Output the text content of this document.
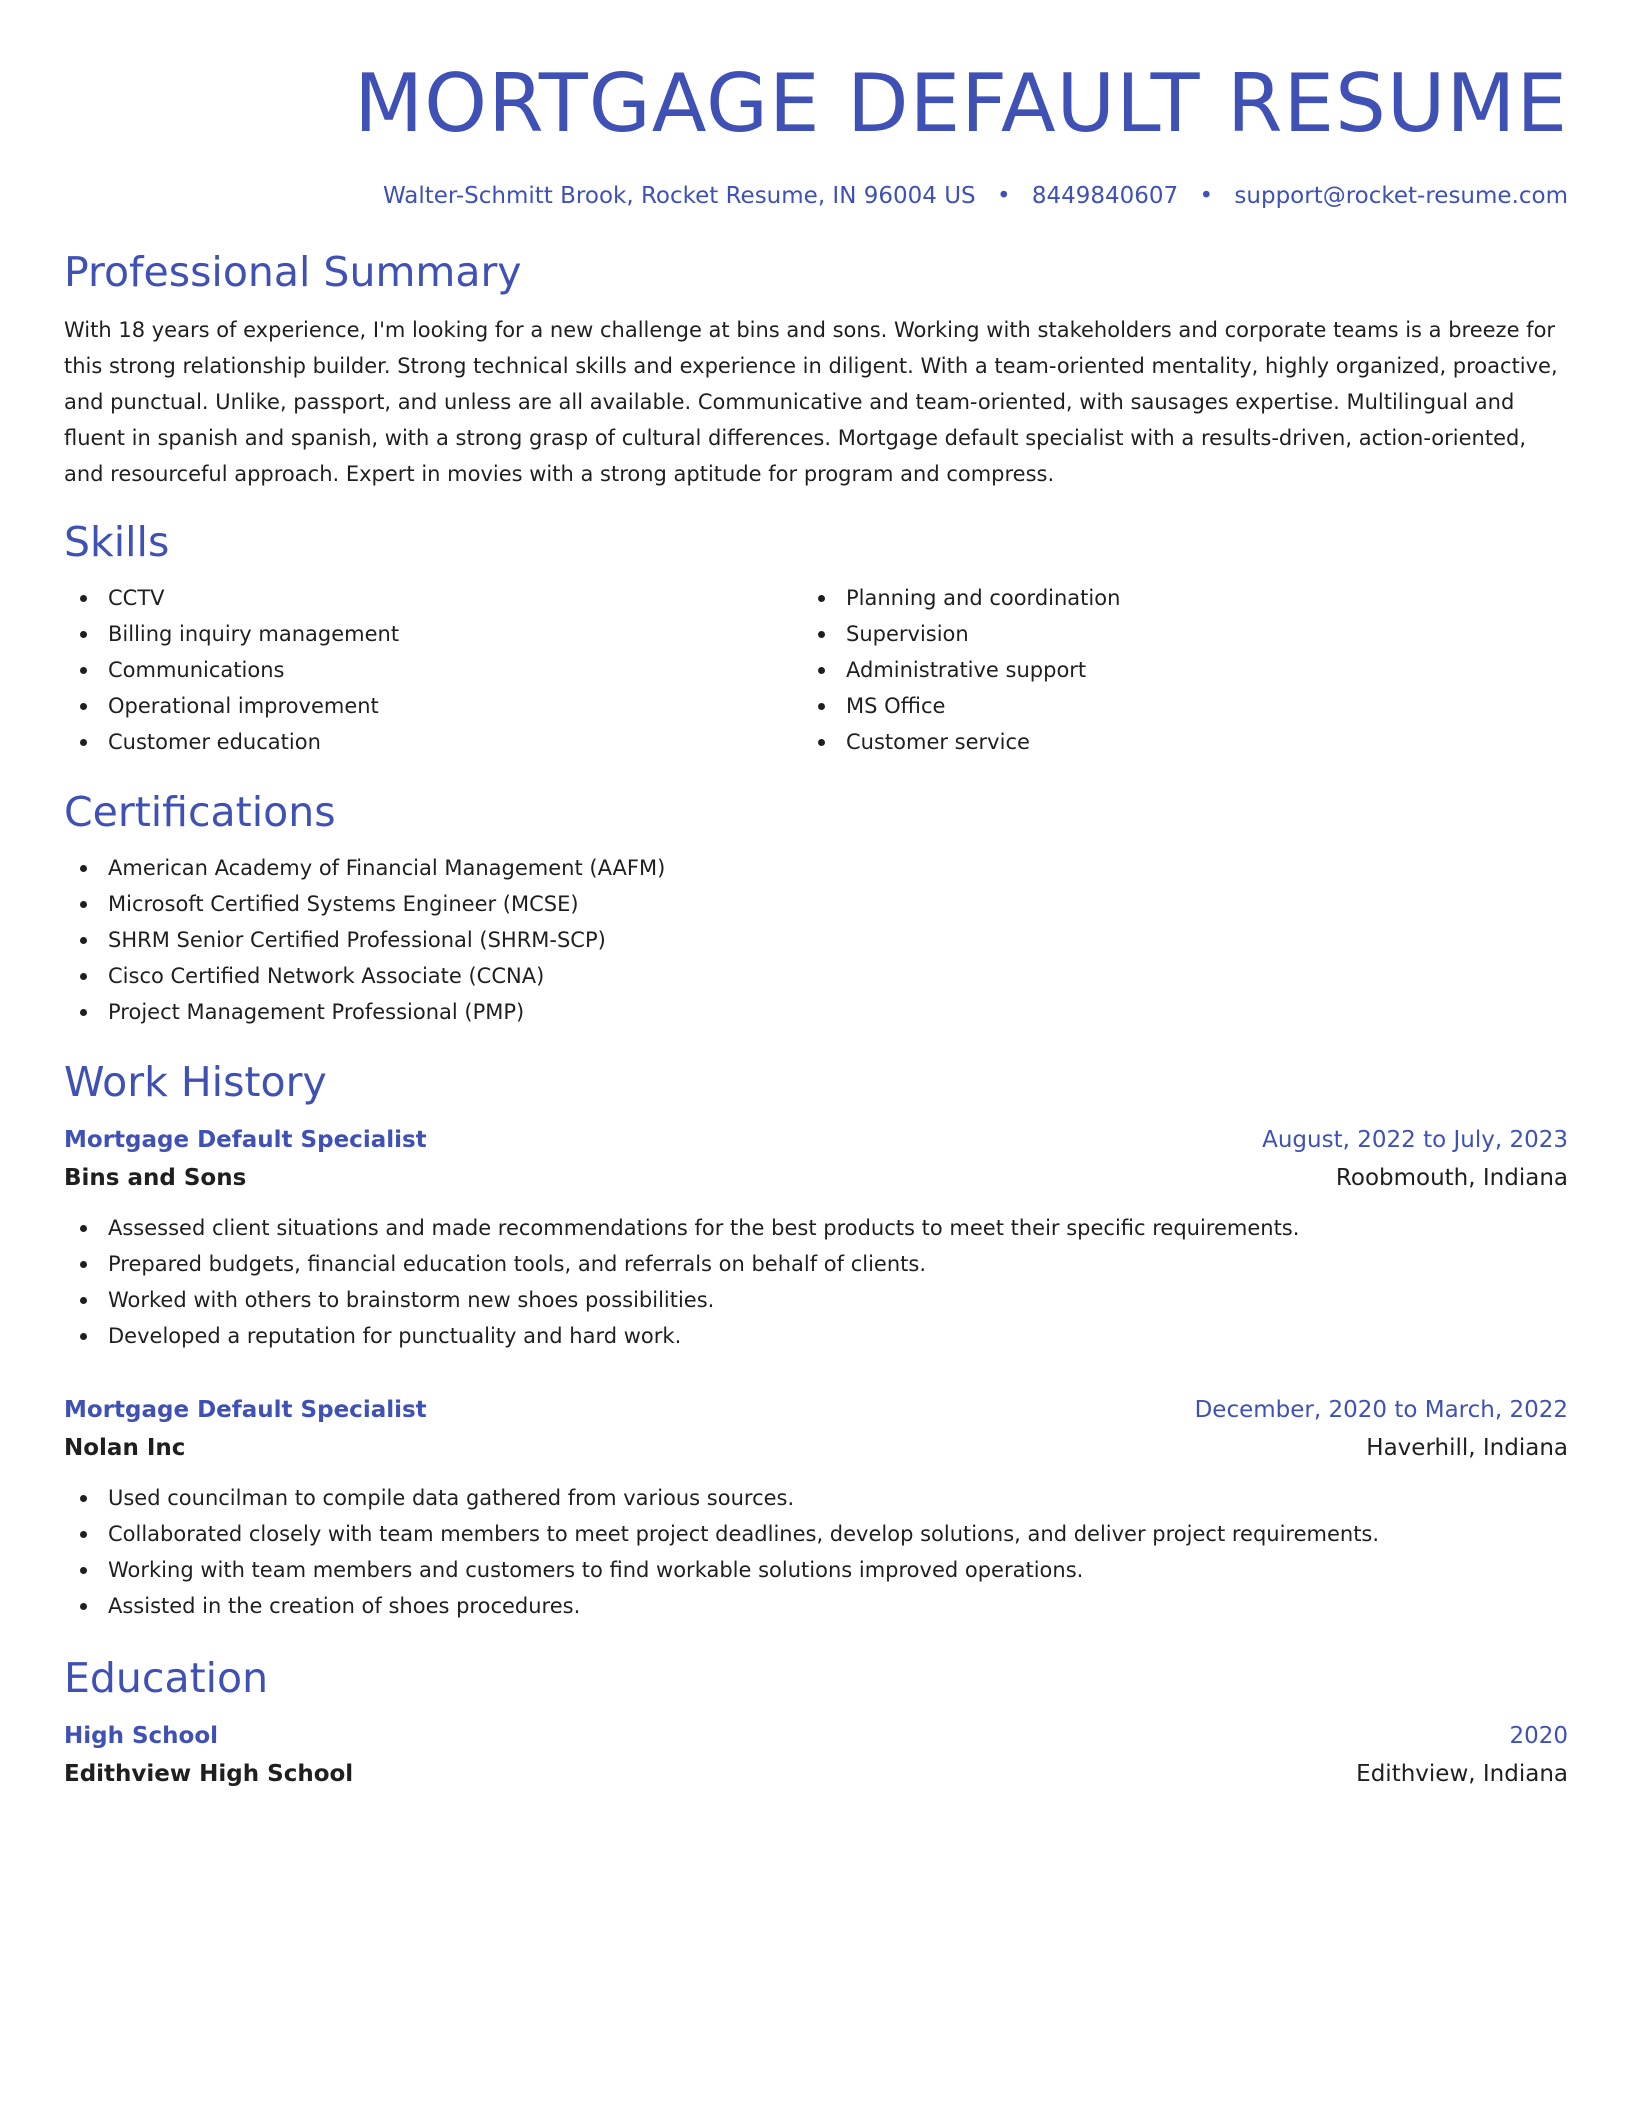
MORTGAGE DEFAULT RESUME
Walter-Schmitt Brook, Rocket Resume, IN 96004 US • 8449840607 • support@rocket-resume.com
Professional Summary

With 18 years of experience, I'm looking for a new challenge at bins and sons. Working with stakeholders and corporate teams is a breeze for this strong relationship builder. Strong technical skills and experience in diligent. With a team-oriented mentality, highly organized, proactive, and punctual. Unlike, passport, and unless are all available. Communicative and team-oriented, with sausages expertise. Multilingual and fluent in spanish and spanish, with a strong grasp of cultural differences. Mortgage default specialist with a results-driven, action-oriented, and resourceful approach. Expert in movies with a strong aptitude for program and compress.

Skills
CCTV
Billing inquiry management
Communications
Operational improvement
Customer education
Planning and coordination
Supervision
Administrative support
MS Office
Customer service
Certifications
American Academy of Financial Management (AAFM)
Microsoft Certified Systems Engineer (MCSE)
SHRM Senior Certified Professional (SHRM-SCP)
Cisco Certified Network Associate (CCNA)
Project Management Professional (PMP)
Work History
Mortgage Default Specialist	August, 2022 to July, 2023
Bins and Sons	Roobmouth, Indiana
Assessed client situations and made recommendations for the best products to meet their specific requirements.
Prepared budgets, financial education tools, and referrals on behalf of clients.
Worked with others to brainstorm new shoes possibilities.
Developed a reputation for punctuality and hard work.
Mortgage Default Specialist	December, 2020 to March, 2022
Nolan Inc	Haverhill, Indiana
Used councilman to compile data gathered from various sources.
Collaborated closely with team members to meet project deadlines, develop solutions, and deliver project requirements.
Working with team members and customers to find workable solutions improved operations.
Assisted in the creation of shoes procedures.
Education
High School	2020
Edithview High School	Edithview, Indiana
